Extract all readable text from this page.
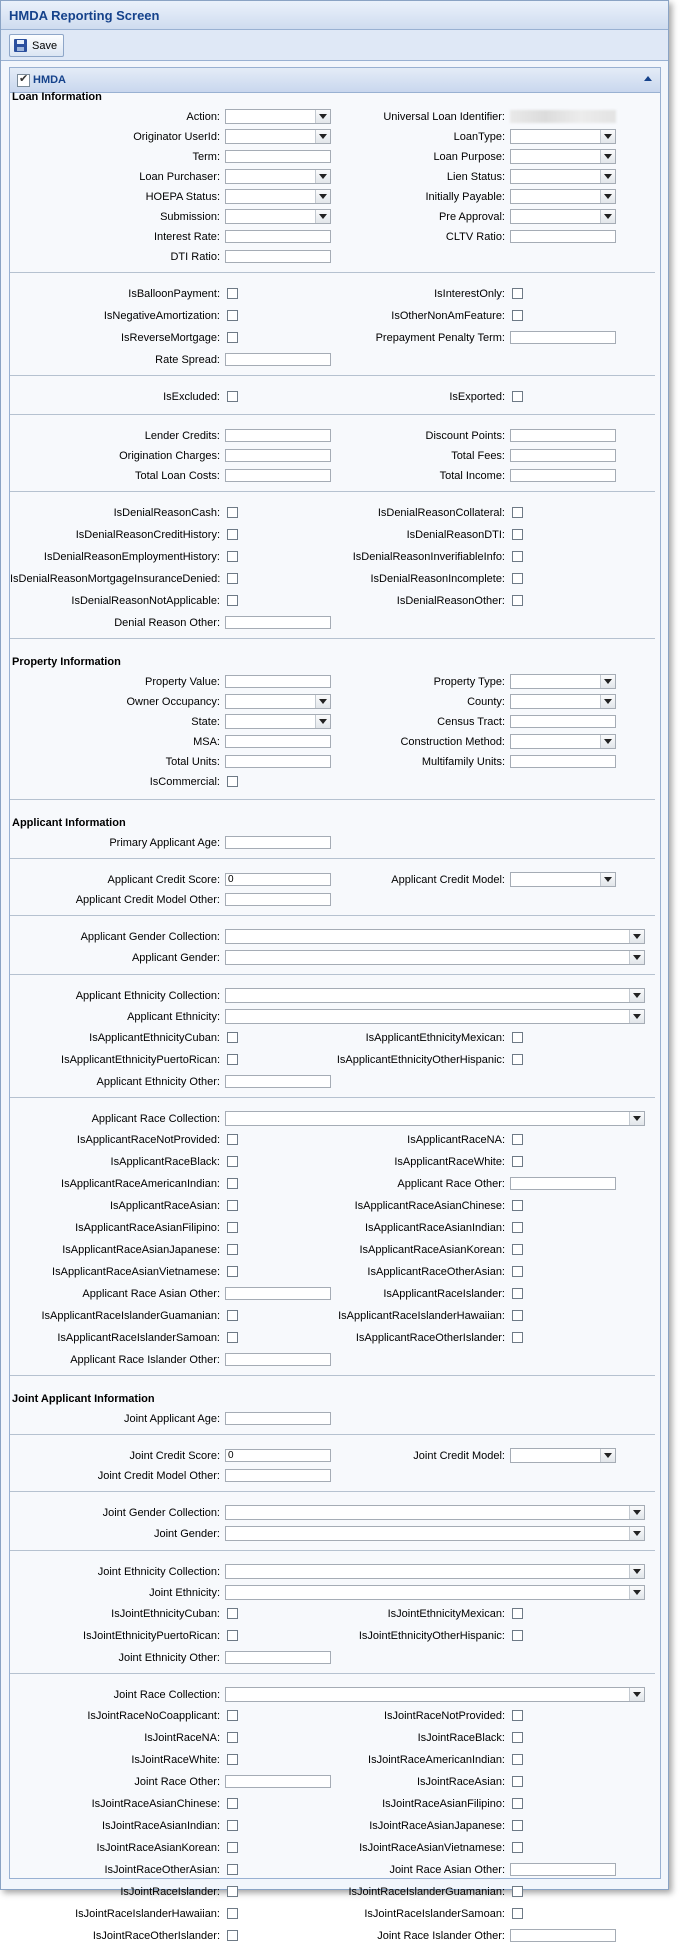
HMDA Reporting Screen
Save
✔
HMDA
Loan Information
Action:	Universal Loan Identifier:
Originator UserId:	LoanType:
Term:	Loan Purpose:
Loan Purchaser:	Lien Status:
HOEPA Status:	Initially Payable:
Submission:	Pre Approval:
Interest Rate:	CLTV Ratio:
DTI Ratio:
IsBalloonPayment:	IsInterestOnly:
IsNegativeAmortization:	IsOtherNonAmFeature:
IsReverseMortgage:	Prepayment Penalty Term:
Rate Spread:
IsExcluded:	IsExported:
Lender Credits:	Discount Points:
Origination Charges:	Total Fees:
Total Loan Costs:	Total Income:
IsDenialReasonCash:	IsDenialReasonCollateral:
IsDenialReasonCreditHistory:	IsDenialReasonDTI:
IsDenialReasonEmploymentHistory:	IsDenialReasonInverifiableInfo:
IsDenialReasonMortgageInsuranceDenied:	IsDenialReasonIncomplete:
IsDenialReasonNotApplicable:	IsDenialReasonOther:
Denial Reason Other:
Property Information
Property Value:	Property Type:
Owner Occupancy:	County:
State:	Census Tract:
MSA:	Construction Method:
Total Units:	Multifamily Units:
IsCommercial:
Applicant Information
Primary Applicant Age:
Applicant Credit Score: 0	Applicant Credit Model:
Applicant Credit Model Other:
Applicant Gender Collection:
Applicant Gender:
Applicant Ethnicity Collection:
Applicant Ethnicity:
IsApplicantEthnicityCuban:	IsApplicantEthnicityMexican:
IsApplicantEthnicityPuertoRican:	IsApplicantEthnicityOtherHispanic:
Applicant Ethnicity Other:
Applicant Race Collection:
IsApplicantRaceNotProvided:	IsApplicantRaceNA:
IsApplicantRaceBlack:	IsApplicantRaceWhite:
IsApplicantRaceAmericanIndian:	Applicant Race Other:
IsApplicantRaceAsian:	IsApplicantRaceAsianChinese:
IsApplicantRaceAsianFilipino:	IsApplicantRaceAsianIndian:
IsApplicantRaceAsianJapanese:	IsApplicantRaceAsianKorean:
IsApplicantRaceAsianVietnamese:	IsApplicantRaceOtherAsian:
Applicant Race Asian Other:	IsApplicantRaceIslander:
IsApplicantRaceIslanderGuamanian:	IsApplicantRaceIslanderHawaiian:
IsApplicantRaceIslanderSamoan:	IsApplicantRaceOtherIslander:
Applicant Race Islander Other:
Joint Applicant Information
Joint Applicant Age:
Joint Credit Score: 0	Joint Credit Model:
Joint Credit Model Other:
Joint Gender Collection:
Joint Gender:
Joint Ethnicity Collection:
Joint Ethnicity:
IsJointEthnicityCuban:	IsJointEthnicityMexican:
IsJointEthnicityPuertoRican:	IsJointEthnicityOtherHispanic:
Joint Ethnicity Other:
Joint Race Collection:
IsJointRaceNoCoapplicant:	IsJointRaceNotProvided:
IsJointRaceNA:	IsJointRaceBlack:
IsJointRaceWhite:	IsJointRaceAmericanIndian:
Joint Race Other:	IsJointRaceAsian:
IsJointRaceAsianChinese:	IsJointRaceAsianFilipino:
IsJointRaceAsianIndian:	IsJointRaceAsianJapanese:
IsJointRaceAsianKorean:	IsJointRaceAsianVietnamese:
IsJointRaceOtherAsian:	Joint Race Asian Other:
IsJointRaceIslander:	IsJointRaceIslanderGuamanian:
IsJointRaceIslanderHawaiian:	IsJointRaceIslanderSamoan:
IsJointRaceOtherIslander:	Joint Race Islander Other:
